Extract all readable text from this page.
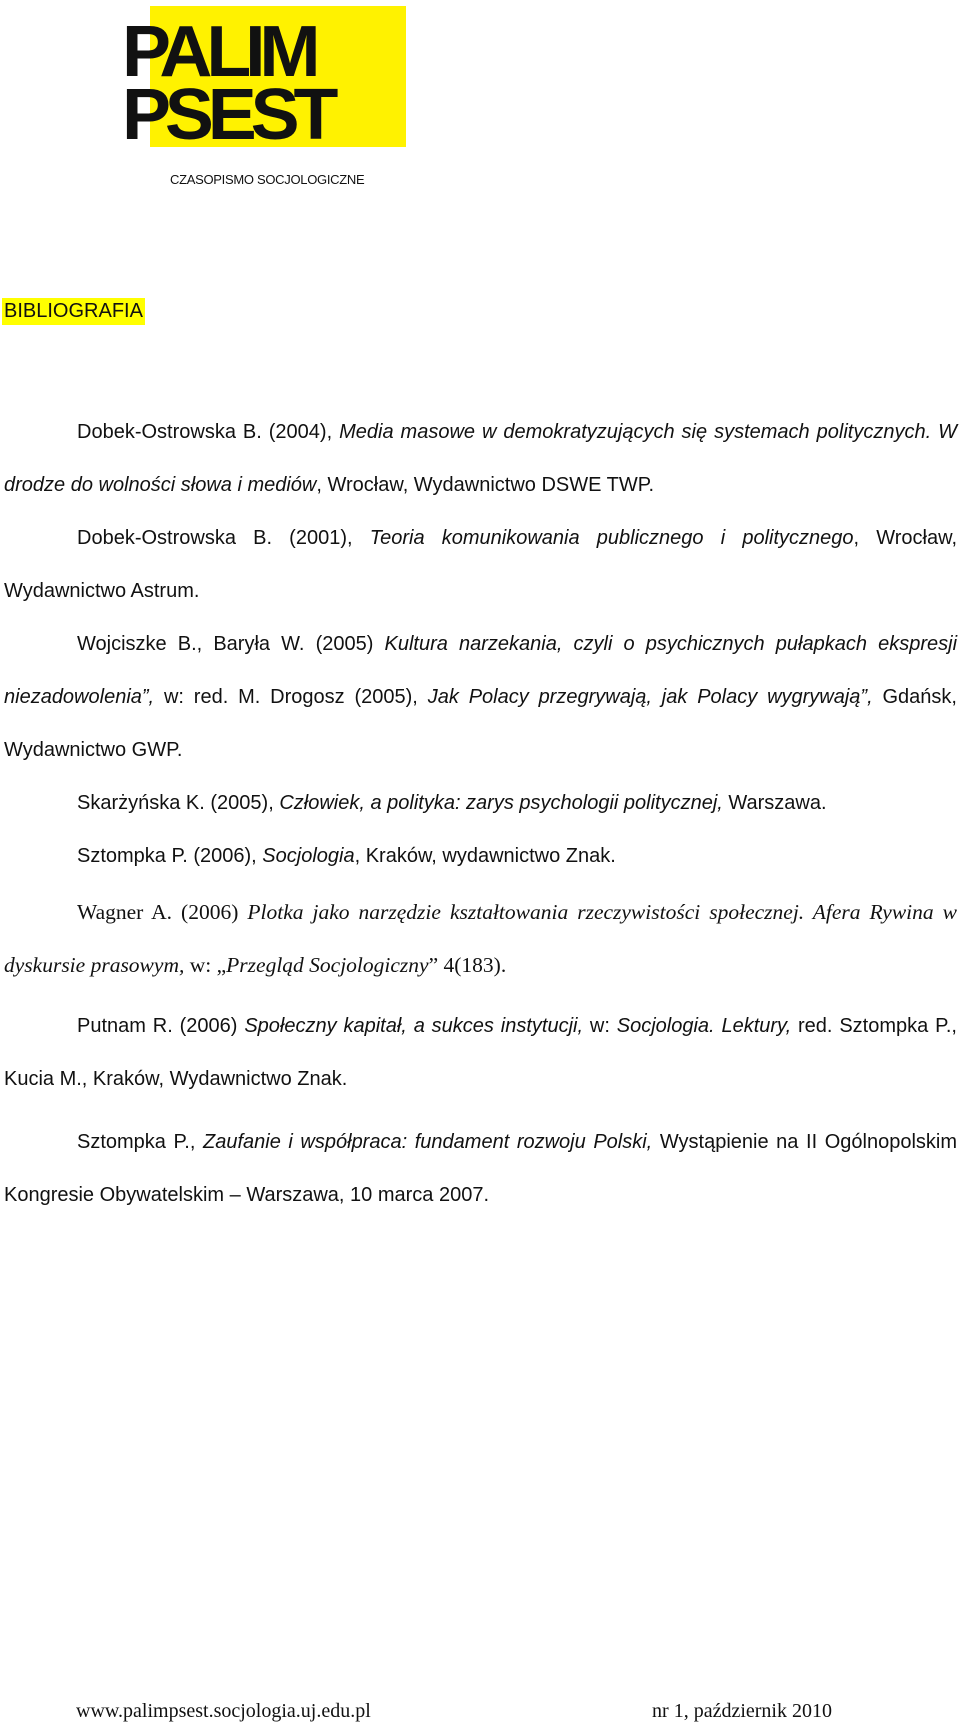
PALIM
PSEST
CZASOPISMO SOCJOLOGICZNE
BIBLIOGRAFIA

Dobek-Ostrowska B. (2004), Media masowe w demokratyzujących się systemach politycznych. W drodze do wolności słowa i mediów, Wrocław, Wydawnictwo DSWE TWP.

Dobek-Ostrowska B. (2001), Teoria komunikowania publicznego i politycznego, Wrocław, Wydawnictwo Astrum.

Wojciszke B., Baryła W. (2005) Kultura narzekania, czyli o psychicznych pułapkach ekspresji niezadowolenia”, w: red. M. Drogosz (2005), Jak Polacy przegrywają, jak Polacy wygrywają”, Gdańsk, Wydawnictwo GWP.

Skarżyńska K. (2005), Człowiek, a polityka: zarys psychologii politycznej, Warszawa.

Sztompka P. (2006), Socjologia, Kraków, wydawnictwo Znak.

Wagner A. (2006) Plotka jako narzędzie kształtowania rzeczywistości społecznej. Afera Rywina w dyskursie prasowym, w: „Przegląd Socjologiczny” 4(183).

Putnam R. (2006) Społeczny kapitał, a sukces instytucji, w: Socjologia. Lektury, red. Sztompka P., Kucia M., Kraków, Wydawnictwo Znak.

Sztompka P., Zaufanie i współpraca: fundament rozwoju Polski, Wystąpienie na II Ogólnopolskim Kongresie Obywatelskim – Warszawa, 10 marca 2007.

www.palimpsest.socjologia.uj.edu.pl	nr 1, październik 2010
